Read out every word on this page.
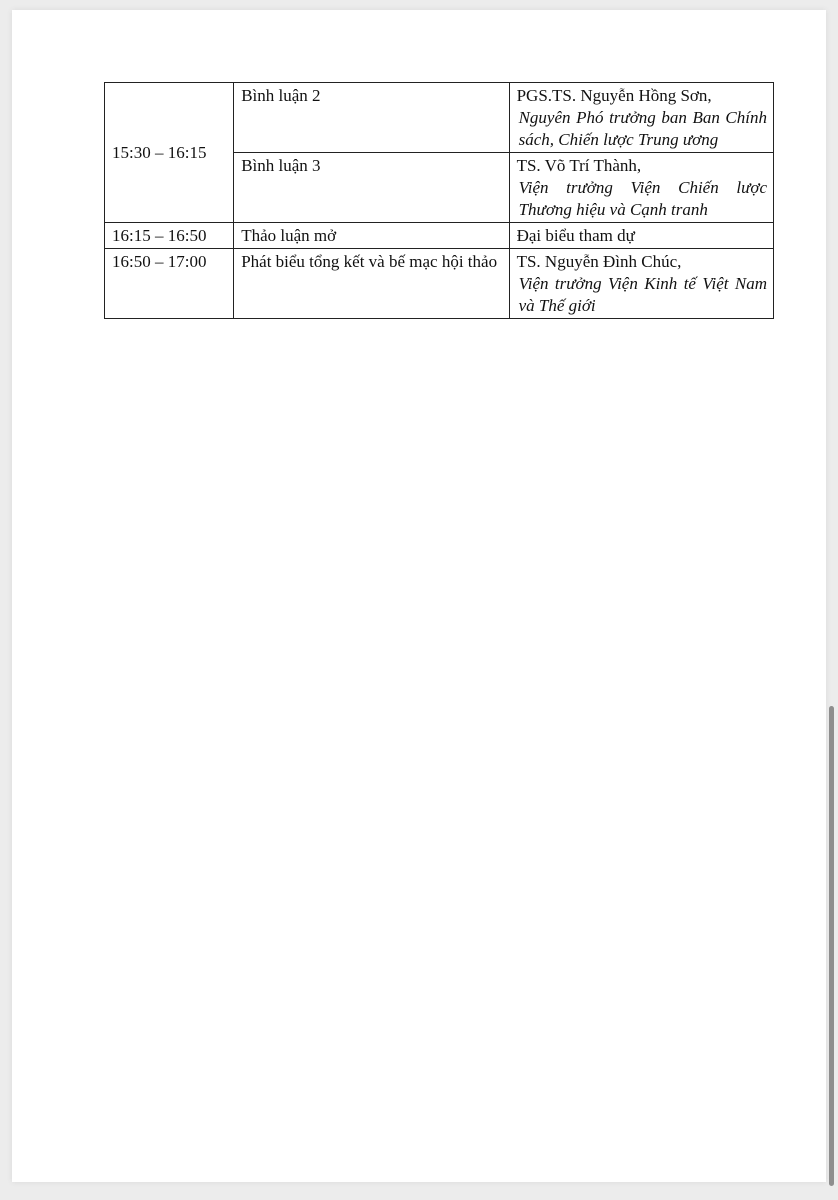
15:30 – 16:15	Bình luận 2	PGS.TS. Nguyễn Hồng Sơn,
Nguyên Phó trưởng ban Ban Chính sách, Chiến lược Trung ương

	Bình luận 3	TS. Võ Trí Thành,
Viện trưởng Viện Chiến lược Thương hiệu và Cạnh tranh

16:15 – 16:50	Thảo luận mở	Đại biểu tham dự

16:50 – 17:00	Phát biểu tổng kết và bế mạc hội thảo	TS. Nguyễn Đình Chúc,
Viện trưởng Viện Kinh tế Việt Nam và Thế giới
